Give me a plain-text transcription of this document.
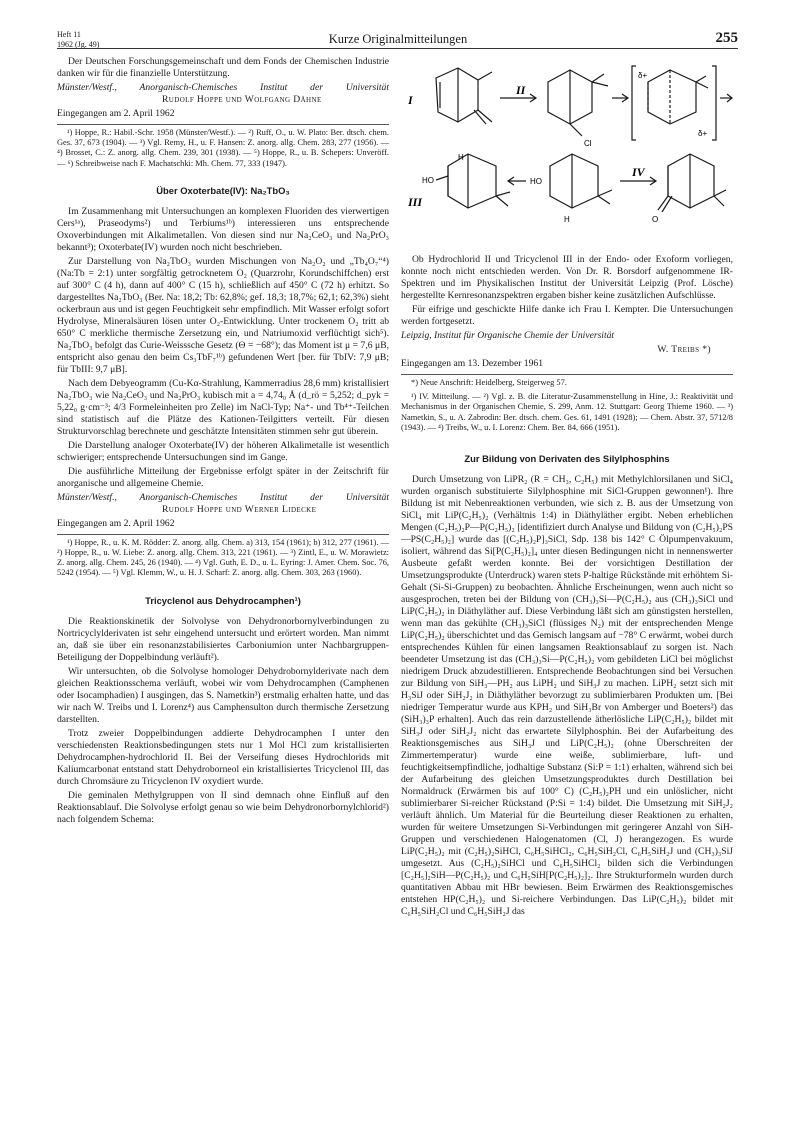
Heft 11
1962 (Jg. 49)	Kurze Originalmitteilungen	255

Der Deutschen Forschungsgemeinschaft und dem Fonds der Chemischen Industrie danken wir für die finanzielle Unterstützung.

Münster/Westf., Anorganisch-Chemisches Institut der Universität Rudolf Hoppe und Wolfgang Dähne

Eingegangen am 2. April 1962

¹) Hoppe, R.: Habil.-Schr. 1958 (Münster/Westf.). — ²) Ruff, O., u. W. Plato: Ber. dtsch. chem. Ges. 37, 673 (1904). — ³) Vgl. Remy, H., u. F. Hansen: Z. anorg. allg. Chem. 283, 277 (1956). — ⁴) Brosset, C.: Z. anorg. allg. Chem. 239, 301 (1938). — ⁵) Hoppe, R., u. B. Schepers: Unveröff. — ⁶) Schreibweise nach F. Machatschki: Mh. Chem. 77, 333 (1947).
Über Oxoterbate(IV): Na₂TbO₃

Im Zusammenhang mit Untersuchungen an komplexen Fluoriden des vierwertigen Cers¹ᵃ), Praseodyms²) und Terbiums¹ᵇ) interessieren uns entsprechende Oxoverbindungen mit Alkalimetallen. Von diesen sind nur Na₂CeO₃ und Na₂PrO₃ bekannt³); Oxoterbate(IV) wurden noch nicht beschrieben.

Zur Darstellung von Na₂TbO₃ wurden Mischungen von Na₂O₂ und „Tb₄O₇“⁴) (Na:Tb = 2:1) unter sorgfältig getrocknetem O₂ (Quarzrohr, Korundschiffchen) erst auf 300° C (4 h), dann auf 400° C (15 h), schließlich auf 450° C (72 h) erhitzt. So dargestelltes Na₂TbO₃ (Ber. Na: 18,2; Tb: 62,8%; gef. 18,3; 18,7%; 62,1; 62,3%) sieht ockerbraun aus und ist gegen Feuchtigkeit sehr empfindlich. Mit Wasser erfolgt sofort Hydrolyse, Mineralsäuren lösen unter O₂-Entwicklung. Unter trockenem O₂ tritt ab 650° C merkliche thermische Zersetzung ein, und Natriumoxid verflüchtigt sich⁵). Na₂TbO₃ befolgt das Curie-Weisssche Gesetz (Θ = −68°); das Moment ist μ = 7,6 μB, entspricht also genau den beim Cs₃TbF₇¹ᵇ) gefundenen Wert [ber. für TbIV: 7,9 μB; für TbIII: 9,7 μB].

Nach dem Debyeogramm (Cu-Kα-Strahlung, Kammerradius 28,6 mm) kristallisiert Na₂TbO₃ wie Na₂CeO₃ und Na₂PrO₃ kubisch mit a = 4,74₀ Å (d_rö = 5,252; d_pyk = 5,22₀ g·cm⁻³; 4/3 Formeleinheiten pro Zelle) im NaCl-Typ; Na⁺- und Tb⁴⁺-Teilchen sind statistisch auf die Plätze des Kationen-Teilgitters verteilt. Für diesen Strukturvorschlag berechnete und geschätzte Intensitäten stimmen sehr gut überein.

Die Darstellung analoger Oxoterbate(IV) der höheren Alkalimetalle ist wesentlich schwieriger; entsprechende Untersuchungen sind im Gange.

Die ausführliche Mitteilung der Ergebnisse erfolgt später in der Zeitschrift für anorganische und allgemeine Chemie.

Münster/Westf., Anorganisch-Chemisches Institut der Universität Rudolf Hoppe und Werner Lidecke

Eingegangen am 2. April 1962

¹) Hoppe, R., u. K. M. Rödder: Z. anorg. allg. Chem. a) 313, 154 (1961); b) 312, 277 (1961). — ²) Hoppe, R., u. W. Liebe: Z. anorg. allg. Chem. 313, 221 (1961). — ³) Zintl, E., u. W. Morawietz: Z. anorg. allg. Chem. 245, 26 (1940). — ⁴) Vgl. Guth, E. D., u. L. Eyring: J. Amer. Chem. Soc. 76, 5242 (1954). — ⁵) Vgl. Klemm, W., u. H. J. Scharf: Z. anorg. allg. Chem. 303, 263 (1960).
Tricyclenol aus Dehydrocamphen¹)

Die Reaktionskinetik der Solvolyse von Dehydronorbornylverbindungen zu Nortricyclylderivaten ist sehr eingehend untersucht und erörtert worden. Man nimmt an, daß sie über ein resonanzstabilisiertes Carboniumion unter Nachbargruppen-Beteiligung der Doppelbindung verläuft²).

Wir untersuchten, ob die Solvolyse homologer Dehydrobornylderivate nach dem gleichen Reaktionsschema verläuft, wobei wir vom Dehydrocamphen (Camphenen oder Isocamphadien) I ausgingen, das S. Nametkin³) erstmalig erhalten hatte, und das wir nach W. Treibs und I. Lorenz⁴) aus Camphensulton durch thermische Zersetzung darstellten.

Trotz zweier Doppelbindungen addierte Dehydrocamphen I unter den verschiedensten Reaktionsbedingungen stets nur 1 Mol HCl zum kristallisierten Dehydrocamphen-hydrochlorid II. Bei der Verseifung dieses Hydrochlorids mit Kaliumcarbonat entstand statt Dehydroborneol ein kristallisiertes Tricyclenol III, das durch Chromsäure zu Tricyclenon IV oxydiert wurde.

Die geminalen Methylgruppen von II sind demnach ohne Einfluß auf den Reaktionsablauf. Die Solvolyse erfolgt genau so wie beim Dehydronorbornylchlorid²) nach folgendem Schema:

I
II
III
IV
Cl
H
HO	HO
H	O
δ+
δ+

Ob Hydrochlorid II und Tricyclenol III in der Endo- oder Exoform vorliegen, konnte noch nicht entschieden werden. Von Dr. R. Borsdorf aufgenommene IR-Spektren und im Physikalischen Institut der Universität Leipzig (Prof. Lösche) hergestellte Kernresonanzspektren ergaben bisher keine zusätzlichen Aufschlüsse.

Für eifrige und geschickte Hilfe danke ich Frau I. Kempter. Die Untersuchungen werden fortgesetzt.

Leipzig, Institut für Organische Chemie der Universität

W. Treibs *)

Eingegangen am 13. Dezember 1961

*) Neue Anschrift: Heidelberg, Steigerweg 57.
¹) IV. Mitteilung. — ²) Vgl. z. B. die Literatur-Zusammenstellung in Hine, J.: Reaktivität und Mechanismus in der Organischen Chemie, S. 299, Anm. 12. Stuttgart: Georg Thieme 1960. — ³) Nametkin, S., u. A. Zabrodin: Ber. dtsch. chem. Ges. 61, 1491 (1928); — Chem. Abstr. 37, 5712/8 (1943). — ⁴) Treibs, W., u. I. Lorenz: Chem. Ber. 84, 666 (1951).
Zur Bildung von Derivaten des Silylphosphins

Durch Umsetzung von LiPR₂ (R = CH₃, C₂H₅) mit Methylchlorsilanen und SiCl₄ wurden organisch substituierte Silylphosphine mit SiCl-Gruppen gewonnen¹). Ihre Bildung ist mit Nebenreaktionen verbunden, wie sich z. B. aus der Umsetzung von SiCl₄ mit LiP(C₂H₅)₂ (Verhältnis 1:4) in Diäthyläther ergibt. Neben erheblichen Mengen (C₂H₅)₂P—P(C₂H₅)₂ [identifiziert durch Analyse und Bildung von (C₂H₅)₂PS—PS(C₂H₅)₂] wurde das [(C₂H₅)₂P]₃SiCl, Sdp. 138 bis 142° C Ölpumpenvakuum, isoliert, während das Si[P(C₂H₅)₂]₄ unter diesen Bedingungen nicht in nennenswerter Ausbeute gefaßt werden konnte. Bei der vorsichtigen Destillation der Umsetzungsprodukte (Unterdruck) waren stets P-haltige Rückstände mit erhöhtem Si-Gehalt (Si-Si-Gruppen) zu beobachten. Ähnliche Erscheinungen, wenn auch nicht so ausgesprochen, treten bei der Bildung von (CH₃)₃Si—P(C₂H₅)₂ aus (CH₃)₃SiCl und LiP(C₂H₅)₂ in Diäthyläther auf. Diese Verbindung läßt sich am günstigsten herstellen, wenn man das gekühlte (CH₃)₃SiCl (flüssiges N₂) mit der entsprechenden Menge LiP(C₂H₅)₂ überschichtet und das Gemisch langsam auf −78° C erwärmt, wobei durch entsprechendes Kühlen für einen langsamen Reaktionsablauf zu sorgen ist. Nach beendeter Umsetzung ist das (CH₃)₃Si—P(C₂H₅)₂ vom gebildeten LiCl bei möglichst niedrigem Druck abzudestillieren. Entsprechende Beobachtungen sind bei Versuchen zur Bildung von SiH₃—PH₂ aus LiPH₂ und SiH₃J zu machen. LiPH₂ setzt sich mit H₃SiJ oder SiH₂J₂ in Diäthyläther bevorzugt zu sublimierbaren Produkten um. [Bei niedriger Temperatur wurde aus KPH₂ und SiH₃Br von Amberger und Boeters²) das (SiH₃)₃P erhalten]. Auch das rein darzustellende ätherlösliche LiP(C₂H₅)₂ bildet mit SiH₃J oder SiH₂J₂ nicht das erwartete Silylphosphin. Bei der Aufarbeitung des Reaktionsgemisches aus SiH₃J und LiP(C₂H₅)₂ (ohne Überschreiten der Zimmertemperatur) wurde eine weiße, sublimierbare, luft- und feuchtigkeitsempfindliche, jodhaltige Substanz (Si:P = 1:1) erhalten, während sich bei der Aufarbeitung des gleichen Umsetzungsproduktes durch Destillation bei Normaldruck (Erwärmen bis auf 100° C) (C₂H₅)₂PH und ein unlöslicher, nicht sublimierbarer Si-reicher Rückstand (P:Si = 1:4) bildet. Die Umsetzung mit SiH₂J₂ verläuft ähnlich. Um Material für die Beurteilung dieser Reaktionen zu erhalten, wurden für weitere Umsetzungen Si-Verbindungen mit geringerer Anzahl von SiH-Gruppen und verschiedenen Halogenatomen (Cl, J) herangezogen. Es wurde LiP(C₂H₅)₂ mit (C₂H₅)₂SiHCl, C₆H₅SiHCl₂, C₆H₅SiH₂Cl, C₆H₅SiH₂J und (CH₃)₃SiJ umgesetzt. Aus (C₂H₅)₂SiHCl und C₆H₅SiHCl₂ bilden sich die Verbindungen [C₂H₅]₂SiH—P(C₂H₅)₂ und C₆H₅SiH[P(C₂H₅)₂]₂. Ihre Strukturformeln wurden durch quantitativen Abbau mit HBr bewiesen. Beim Erwärmen des Reaktionsgemisches entstehen HP(C₂H₅)₂ und Si-reichere Verbindungen. Das LiP(C₂H₅)₂ bildet mit C₆H₅SiH₂Cl und C₆H₅SiH₂J das
